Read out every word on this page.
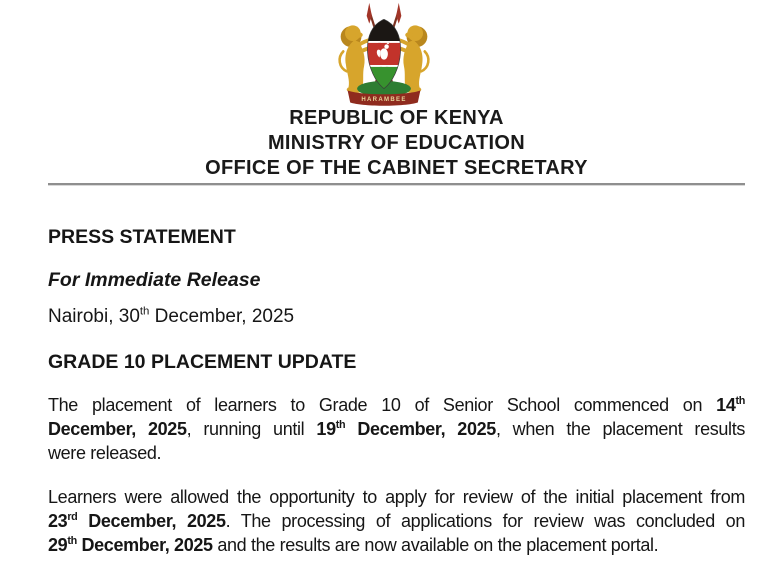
HARAMBEE
REPUBLIC OF KENYA
MINISTRY OF EDUCATION
OFFICE OF THE CABINET SECRETARY
PRESS STATEMENT
For Immediate Release
Nairobi, 30th December, 2025
GRADE 10 PLACEMENT UPDATE
The placement of learners to Grade 10 of Senior School commenced on 14th
December, 2025, running until 19th December, 2025, when the placement results
were released.
Learners were allowed the opportunity to apply for review of the initial placement from
23rd December, 2025. The processing of applications for review was concluded on
29th December, 2025 and the results are now available on the placement portal.
